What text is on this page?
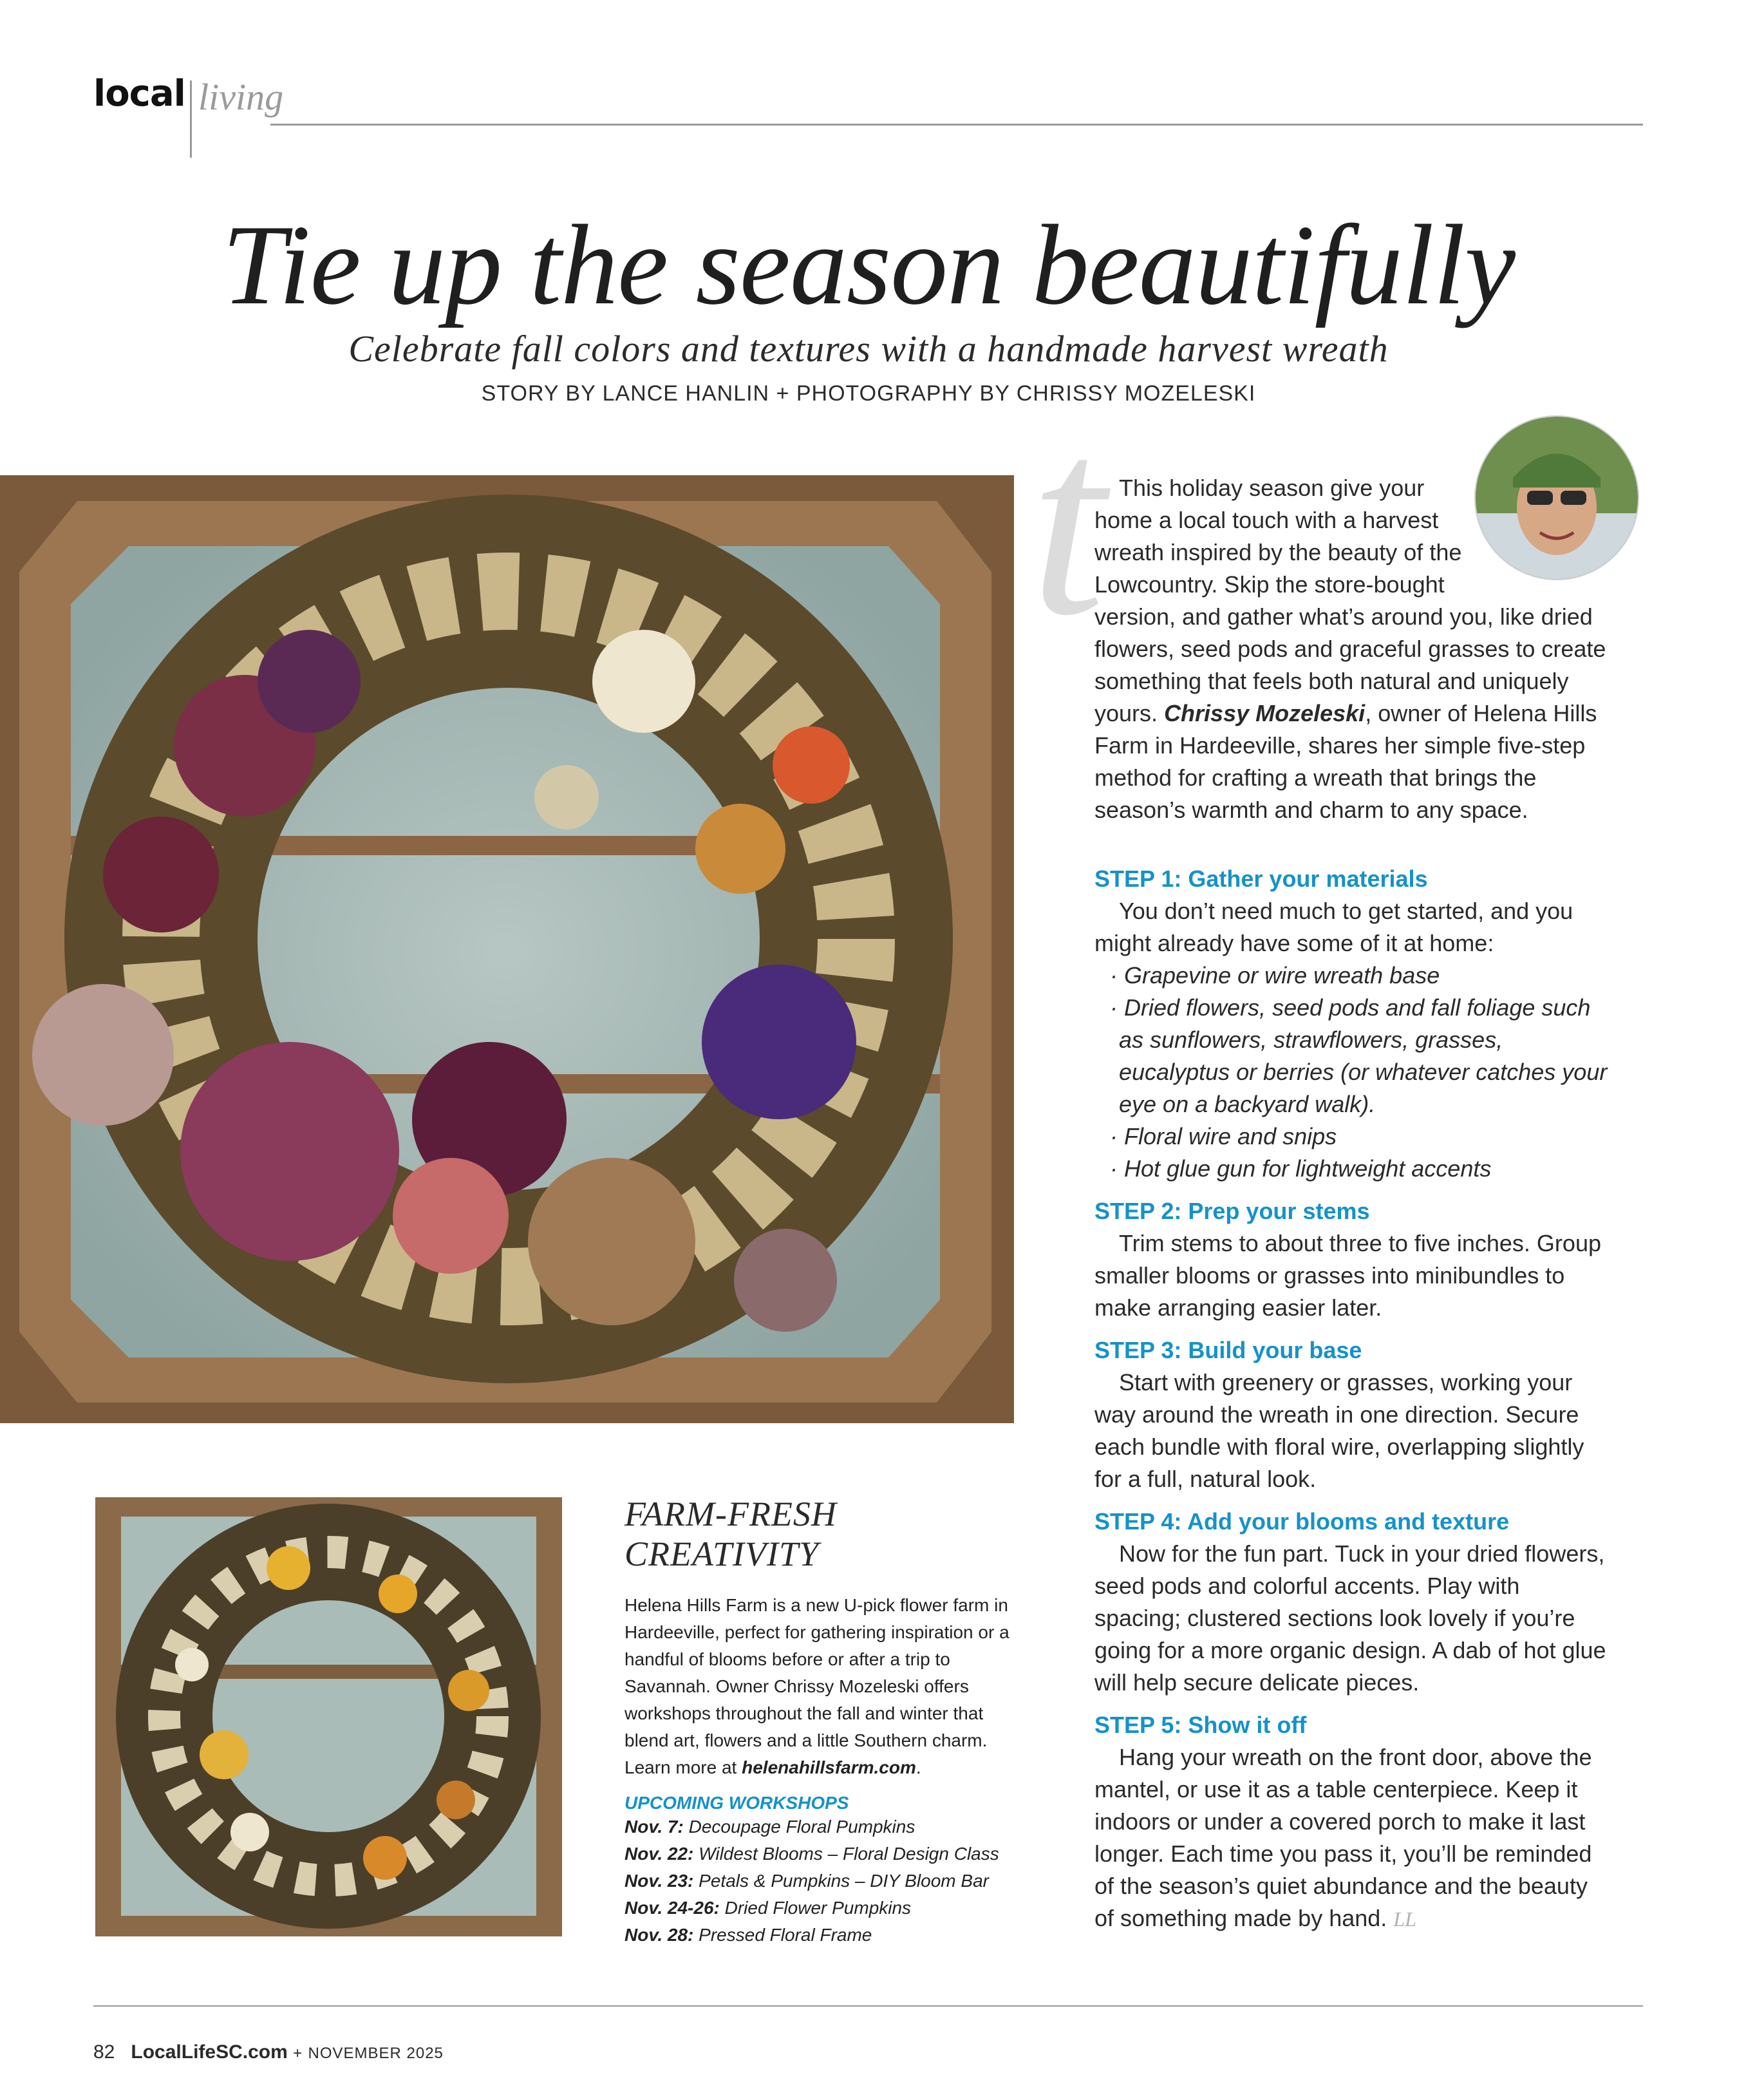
local living
Tie up the season beautifully
Celebrate fall colors and textures with a handmade harvest wreath
STORY BY LANCE HANLIN + PHOTOGRAPHY BY CHRISSY MOZELESKI
t This holiday season give your

home a local touch with a harvest

wreath inspired by the beauty of the

Lowcountry. Skip the store-bought

version, and gather what’s around you, like dried flowers, seed pods and graceful grasses to create something that feels both natural and uniquely yours. Chrissy Mozeleski, owner of Helena Hills Farm in Hardeeville, shares her simple five-step method for crafting a wreath that brings the season’s warmth and charm to any space.

STEP 1: Gather your materials

You don’t need much to get started, and you might already have some of it at home:

· Grapevine or wire wreath base

· Dried flowers, seed pods and fall foliage such as sunflowers, strawflowers, grasses, eucalyptus or berries (or whatever catches your eye on a backyard walk).

· Floral wire and snips

· Hot glue gun for lightweight accents

STEP 2: Prep your stems

Trim stems to about three to five inches. Group smaller blooms or grasses into minibundles to make arranging easier later.

STEP 3: Build your base

Start with greenery or grasses, working your way around the wreath in one direction. Secure each bundle with floral wire, overlapping slightly for a full, natural look.

STEP 4: Add your blooms and texture

Now for the fun part. Tuck in your dried flowers, seed pods and colorful accents. Play with spacing; clustered sections look lovely if you’re going for a more organic design. A dab of hot glue will help secure delicate pieces.

STEP 5: Show it off

Hang your wreath on the front door, above the mantel, or use it as a table centerpiece. Keep it indoors or under a covered porch to make it last longer. Each time you pass it, you’ll be reminded of the season’s quiet abundance and the beauty of something made by hand. LL

FARM-FRESH
CREATIVITY
Helena Hills Farm is a new U-pick flower farm in Hardeeville, perfect for gathering inspiration or a handful of blooms before or after a trip to Savannah. Owner Chrissy Mozeleski offers workshops throughout the fall and winter that blend art, flowers and a little Southern charm. Learn more at helenahillsfarm.com.
UPCOMING WORKSHOPS
Nov. 7: Decoupage Floral Pumpkins
Nov. 22: Wildest Blooms – Floral Design Class
Nov. 23: Petals & Pumpkins – DIY Bloom Bar
Nov. 24-26: Dried Flower Pumpkins
Nov. 28: Pressed Floral Frame
82 LocalLifeSC.com + NOVEMBER 2025
